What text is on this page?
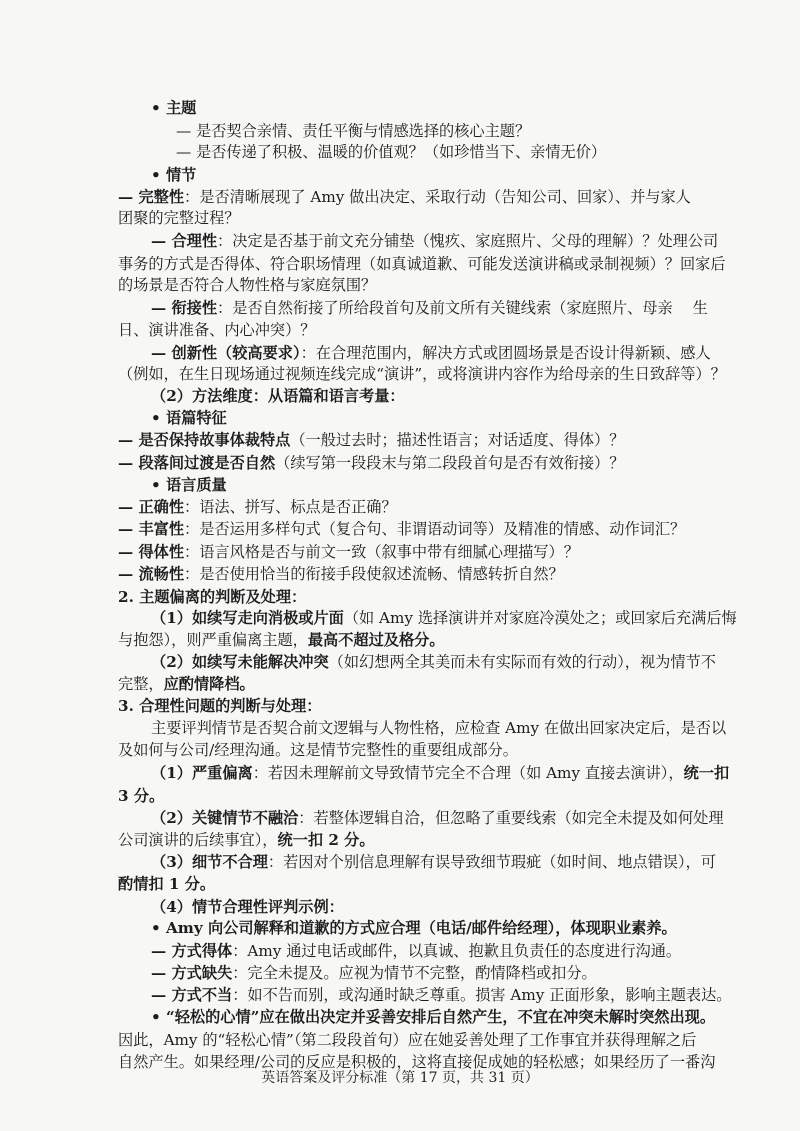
• 主题
— 是否契合亲情、责任平衡与情感选择的核心主题？
— 是否传递了积极、温暖的价值观？（如珍惜当下、亲情无价）
• 情节
— 完整性：是否清晰展现了 Amy 做出决定、采取行动（告知公司、回家）、并与家人
团聚的完整过程？
— 合理性：决定是否基于前文充分铺垫（愧疚、家庭照片、父母的理解）？处理公司
事务的方式是否得体、符合职场情理（如真诚道歉、可能发送演讲稿或录制视频）？回家后
的场景是否符合人物性格与家庭氛围？
— 衔接性：是否自然衔接了所给段首句及前文所有关键线索（家庭照片、母亲　 生
日、演讲准备、内心冲突）？
— 创新性（较高要求）：在合理范围内，解决方式或团圆场景是否设计得新颖、感人
（例如，在生日现场通过视频连线完成“演讲”，或将演讲内容作为给母亲的生日致辞等）？
（2）方法维度：从语篇和语言考量：
• 语篇特征
— 是否保持故事体裁特点（一般过去时；描述性语言；对话适度、得体）？
— 段落间过渡是否自然（续写第一段段末与第二段段首句是否有效衔接）？
• 语言质量
— 正确性：语法、拼写、标点是否正确？
— 丰富性：是否运用多样句式（复合句、非谓语动词等）及精准的情感、动作词汇？
— 得体性：语言风格是否与前文一致（叙事中带有细腻心理描写）？
— 流畅性：是否使用恰当的衔接手段使叙述流畅、情感转折自然？
2. 主题偏离的判断及处理：
（1）如续写走向消极或片面（如 Amy 选择演讲并对家庭冷漠处之；或回家后充满后悔
与抱怨），则严重偏离主题，最高不超过及格分。
（2）如续写未能解决冲突（如幻想两全其美而未有实际而有效的行动），视为情节不
完整，应酌情降档。
3. 合理性问题的判断与处理：
主要评判情节是否契合前文逻辑与人物性格，应检查 Amy 在做出回家决定后，是否以
及如何与公司/经理沟通。这是情节完整性的重要组成部分。
（1）严重偏离：若因未理解前文导致情节完全不合理（如 Amy 直接去演讲），统一扣
3 分。
（2）关键情节不融洽：若整体逻辑自洽，但忽略了重要线索（如完全未提及如何处理
公司演讲的后续事宜），统一扣 2 分。
（3）细节不合理：若因对个别信息理解有误导致细节瑕疵（如时间、地点错误），可
酌情扣 1 分。
（4）情节合理性评判示例：
• Amy 向公司解释和道歉的方式应合理（电话/邮件给经理），体现职业素养。
— 方式得体：Amy 通过电话或邮件，以真诚、抱歉且负责任的态度进行沟通。
— 方式缺失：完全未提及。应视为情节不完整，酌情降档或扣分。
— 方式不当：如不告而别，或沟通时缺乏尊重。损害 Amy 正面形象，影响主题表达。
• “轻松的心情”应在做出决定并妥善安排后自然产生，不宜在冲突未解时突然出现。
因此，Amy 的“轻松心情”（第二段段首句）应在她妥善处理了工作事宜并获得理解之后
自然产生。如果经理/公司的反应是积极的，这将直接促成她的轻松感；如果经历了一番沟
英语答案及评分标准（第 17 页，共 31 页）
